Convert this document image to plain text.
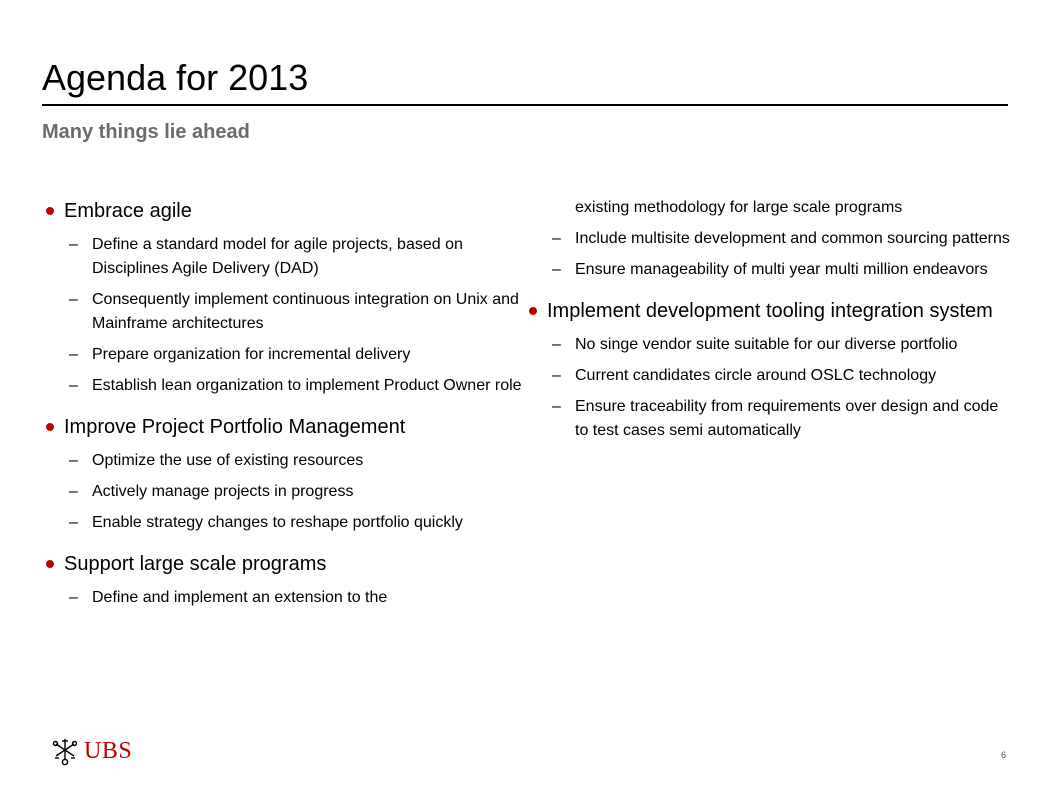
Agenda for 2013
Many things lie ahead
Embrace agile
– Define a standard model for agile projects, based on Disciplines Agile Delivery (DAD)
– Consequently implement continuous integration on Unix and Mainframe architectures
– Prepare organization for incremental delivery
– Establish lean organization to implement Product Owner role
Improve Project Portfolio Management
– Optimize the use of existing resources
– Actively manage projects in progress
– Enable strategy changes to reshape portfolio quickly
Support large scale programs
– Define and implement an extension to the
existing methodology for large scale programs
– Include multisite development and common sourcing patterns
– Ensure manageability of multi year multi million endeavors
Implement development tooling integration system
– No singe vendor suite suitable for our diverse portfolio
– Current candidates circle around OSLC technology
– Ensure traceability from requirements over design and code to test cases semi automatically
UBS	6
